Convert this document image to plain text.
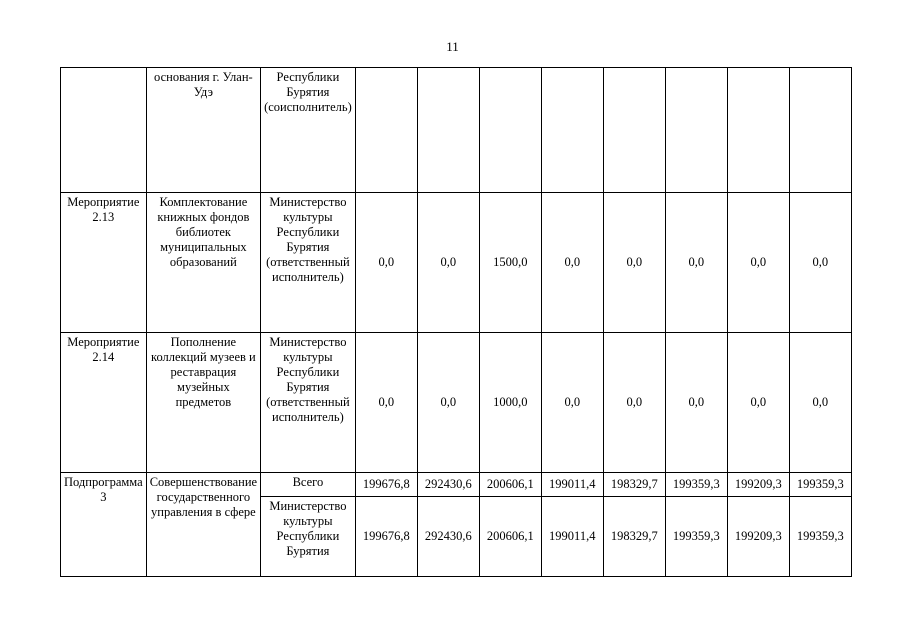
11
	основания г. Улан-Удэ	Республики Бурятия (соисполнитель)								
Мероприятие 2.13	Комплектование книжных фондов библиотек муниципальных образований	Министерство культуры Республики Бурятия (ответственный исполнитель)	0,0	0,0	1500,0	0,0	0,0	0,0	0,0	0,0
Мероприятие 2.14	Пополнение коллекций музеев и реставрация музейных предметов	Министерство культуры Республики Бурятия (ответственный исполнитель)	0,0	0,0	1000,0	0,0	0,0	0,0	0,0	0,0
Подпрограмма 3	Совершенствование государственного управления в сфере	Всего	199676,8	292430,6	200606,1	199011,4	198329,7	199359,3	199209,3	199359,3
		Министерство культуры Республики Бурятия	199676,8	292430,6	200606,1	199011,4	198329,7	199359,3	199209,3	199359,3
